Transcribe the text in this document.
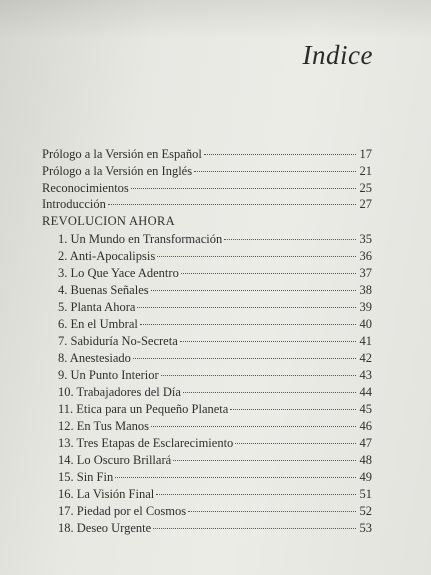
Indice
Prólogo a la Versión en Español	17
Prólogo a la Versión en Inglés	21
Reconocimientos	25
Introducción	27
REVOLUCION AHORA
1. Un Mundo en Transformación	35
2. Anti-Apocalipsis	36
3. Lo Que Yace Adentro	37
4. Buenas Señales	38
5. Planta Ahora	39
6. En el Umbral	40
7. Sabiduría No-Secreta	41
8. Anestesiado	42
9. Un Punto Interior	43
10. Trabajadores del Día	44
11. Etica para un Pequeño Planeta	45
12. En Tus Manos	46
13. Tres Etapas de Esclarecimiento	47
14. Lo Oscuro Brillará	48
15. Sin Fin	49
16. La Visión Final	51
17. Piedad por el Cosmos	52
18. Deseo Urgente	53
